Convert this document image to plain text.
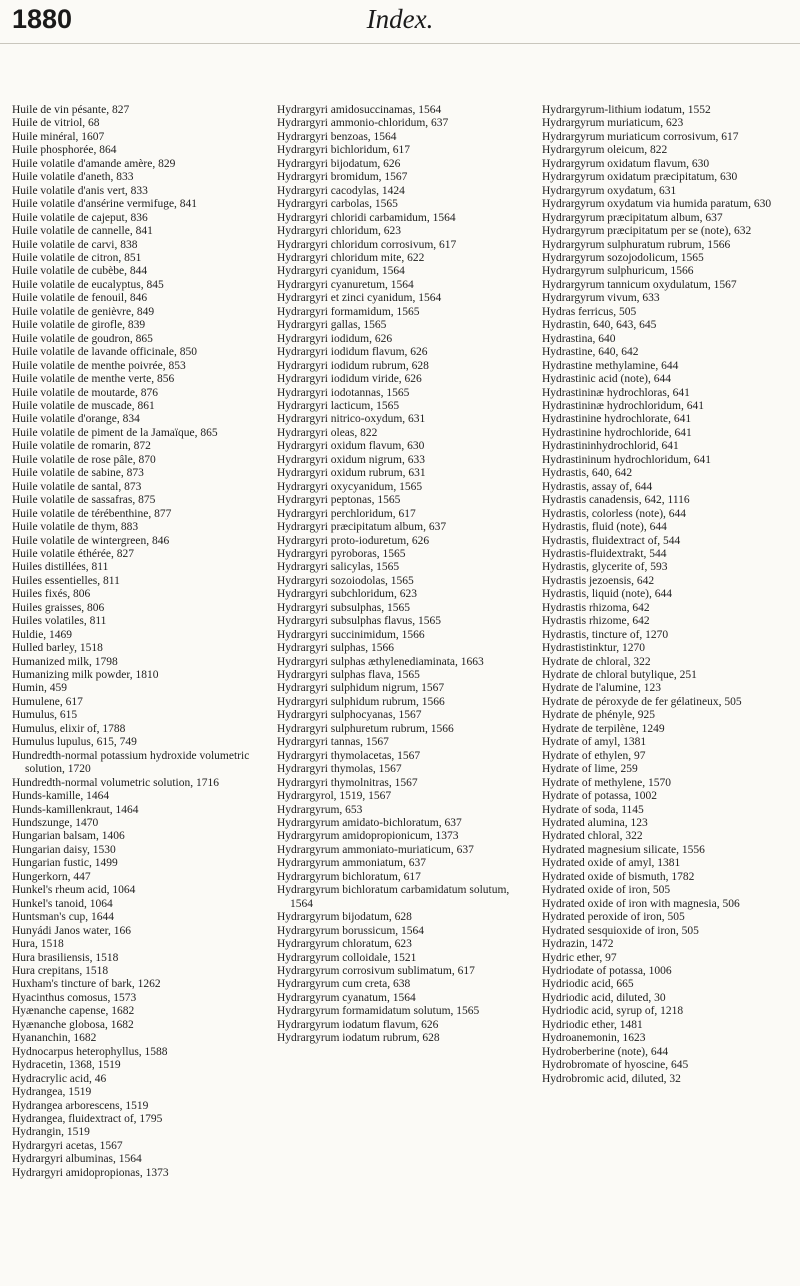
1880	Index.

Huile de vin pésante, 827

Huile de vitriol, 68

Huile minéral, 1607

Huile phosphorée, 864

Huile volatile d'amande amère, 829

Huile volatile d'aneth, 833

Huile volatile d'anis vert, 833

Huile volatile d'ansérine vermifuge, 841

Huile volatile de cajeput, 836

Huile volatile de cannelle, 841

Huile volatile de carvi, 838

Huile volatile de citron, 851

Huile volatile de cubèbe, 844

Huile volatile de eucalyptus, 845

Huile volatile de fenouil, 846

Huile volatile de genièvre, 849

Huile volatile de girofle, 839

Huile volatile de goudron, 865

Huile volatile de lavande officinale, 850

Huile volatile de menthe poivrée, 853

Huile volatile de menthe verte, 856

Huile volatile de moutarde, 876

Huile volatile de muscade, 861

Huile volatile d'orange, 834

Huile volatile de piment de la Jamaïque, 865

Huile volatile de romarin, 872

Huile volatile de rose pâle, 870

Huile volatile de sabine, 873

Huile volatile de santal, 873

Huile volatile de sassafras, 875

Huile volatile de térébenthine, 877

Huile volatile de thym, 883

Huile volatile de wintergreen, 846

Huile volatile éthérée, 827

Huiles distillées, 811

Huiles essentielles, 811

Huiles fixés, 806

Huiles graisses, 806

Huiles volatiles, 811

Huldie, 1469

Hulled barley, 1518

Humanized milk, 1798

Humanizing milk powder, 1810

Humin, 459

Humulene, 617

Humulus, 615

Humulus, elixir of, 1788

Humulus lupulus, 615, 749

Hundredth-normal potassium hydroxide volumetric solution, 1720

Hundredth-normal volumetric solution, 1716

Hunds-kamille, 1464

Hunds-kamillenkraut, 1464

Hundszunge, 1470

Hungarian balsam, 1406

Hungarian daisy, 1530

Hungarian fustic, 1499

Hungerkorn, 447

Hunkel's rheum acid, 1064

Hunkel's tanoid, 1064

Huntsman's cup, 1644

Hunyádi Janos water, 166

Hura, 1518

Hura brasiliensis, 1518

Hura crepitans, 1518

Huxham's tincture of bark, 1262

Hyacinthus comosus, 1573

Hyænanche capense, 1682

Hyænanche globosa, 1682

Hyananchin, 1682

Hydnocarpus heterophyllus, 1588

Hydracetin, 1368, 1519

Hydracrylic acid, 46

Hydrangea, 1519

Hydrangea arborescens, 1519

Hydrangea, fluidextract of, 1795

Hydrangin, 1519

Hydrargyri acetas, 1567

Hydrargyri albuminas, 1564

Hydrargyri amidopropionas, 1373

Hydrargyri amidosuccinamas, 1564

Hydrargyri ammonio-chloridum, 637

Hydrargyri benzoas, 1564

Hydrargyri bichloridum, 617

Hydrargyri bijodatum, 626

Hydrargyri bromidum, 1567

Hydrargyri cacodylas, 1424

Hydrargyri carbolas, 1565

Hydrargyri chloridi carbamidum, 1564

Hydrargyri chloridum, 623

Hydrargyri chloridum corrosivum, 617

Hydrargyri chloridum mite, 622

Hydrargyri cyanidum, 1564

Hydrargyri cyanuretum, 1564

Hydrargyri et zinci cyanidum, 1564

Hydrargyri formamidum, 1565

Hydrargyri gallas, 1565

Hydrargyri iodidum, 626

Hydrargyri iodidum flavum, 626

Hydrargyri iodidum rubrum, 628

Hydrargyri iodidum viride, 626

Hydrargyri iodotannas, 1565

Hydrargyri lacticum, 1565

Hydrargyri nitrico-oxydum, 631

Hydrargyri oleas, 822

Hydrargyri oxidum flavum, 630

Hydrargyri oxidum nigrum, 633

Hydrargyri oxidum rubrum, 631

Hydrargyri oxycyanidum, 1565

Hydrargyri peptonas, 1565

Hydrargyri perchloridum, 617

Hydrargyri præcipitatum album, 637

Hydrargyri proto-ioduretum, 626

Hydrargyri pyroboras, 1565

Hydrargyri salicylas, 1565

Hydrargyri sozoiodolas, 1565

Hydrargyri subchloridum, 623

Hydrargyri subsulphas, 1565

Hydrargyri subsulphas flavus, 1565

Hydrargyri succinimidum, 1566

Hydrargyri sulphas, 1566

Hydrargyri sulphas æthylenediaminata, 1663

Hydrargyri sulphas flava, 1565

Hydrargyri sulphidum nigrum, 1567

Hydrargyri sulphidum rubrum, 1566

Hydrargyri sulphocyanas, 1567

Hydrargyri sulphuretum rubrum, 1566

Hydrargyri tannas, 1567

Hydrargyri thymolacetas, 1567

Hydrargyri thymolas, 1567

Hydrargyri thymolnitras, 1567

Hydrargyrol, 1519, 1567

Hydrargyrum, 653

Hydrargyrum amidato-bichloratum, 637

Hydrargyrum amidopropionicum, 1373

Hydrargyrum ammoniato-muriaticum, 637

Hydrargyrum ammoniatum, 637

Hydrargyrum bichloratum, 617

Hydrargyrum bichloratum carbamidatum solutum, 1564

Hydrargyrum bijodatum, 628

Hydrargyrum borussicum, 1564

Hydrargyrum chloratum, 623

Hydrargyrum colloidale, 1521

Hydrargyrum corrosivum sublimatum, 617

Hydrargyrum cum creta, 638

Hydrargyrum cyanatum, 1564

Hydrargyrum formamidatum solutum, 1565

Hydrargyrum iodatum flavum, 626

Hydrargyrum iodatum rubrum, 628

Hydrargyrum-lithium iodatum, 1552

Hydrargyrum muriaticum, 623

Hydrargyrum muriaticum corrosivum, 617

Hydrargyrum oleicum, 822

Hydrargyrum oxidatum flavum, 630

Hydrargyrum oxidatum præcipitatum, 630

Hydrargyrum oxydatum, 631

Hydrargyrum oxydatum via humida paratum, 630

Hydrargyrum præcipitatum album, 637

Hydrargyrum præcipitatum per se (note), 632

Hydrargyrum sulphuratum rubrum, 1566

Hydrargyrum sozojodolicum, 1565

Hydrargyrum sulphuricum, 1566

Hydrargyrum tannicum oxydulatum, 1567

Hydrargyrum vivum, 633

Hydras ferricus, 505

Hydrastin, 640, 643, 645

Hydrastina, 640

Hydrastine, 640, 642

Hydrastine methylamine, 644

Hydrastinic acid (note), 644

Hydrastininæ hydrochloras, 641

Hydrastininæ hydrochloridum, 641

Hydrastinine hydrochlorate, 641

Hydrastinine hydrochloride, 641

Hydrastininhydrochlorid, 641

Hydrastininum hydrochloridum, 641

Hydrastis, 640, 642

Hydrastis, assay of, 644

Hydrastis canadensis, 642, 1116

Hydrastis, colorless (note), 644

Hydrastis, fluid (note), 644

Hydrastis, fluidextract of, 544

Hydrastis-fluidextrakt, 544

Hydrastis, glycerite of, 593

Hydrastis jezoensis, 642

Hydrastis, liquid (note), 644

Hydrastis rhizoma, 642

Hydrastis rhizome, 642

Hydrastis, tincture of, 1270

Hydrastistinktur, 1270

Hydrate de chloral, 322

Hydrate de chloral butylique, 251

Hydrate de l'alumine, 123

Hydrate de péroxyde de fer gélatineux, 505

Hydrate de phényle, 925

Hydrate de terpilène, 1249

Hydrate of amyl, 1381

Hydrate of ethylen, 97

Hydrate of lime, 259

Hydrate of methylene, 1570

Hydrate of potassa, 1002

Hydrate of soda, 1145

Hydrated alumina, 123

Hydrated chloral, 322

Hydrated magnesium silicate, 1556

Hydrated oxide of amyl, 1381

Hydrated oxide of bismuth, 1782

Hydrated oxide of iron, 505

Hydrated oxide of iron with magnesia, 506

Hydrated peroxide of iron, 505

Hydrated sesquioxide of iron, 505

Hydrazin, 1472

Hydric ether, 97

Hydriodate of potassa, 1006

Hydriodic acid, 665

Hydriodic acid, diluted, 30

Hydriodic acid, syrup of, 1218

Hydriodic ether, 1481

Hydroanemonin, 1623

Hydroberberine (note), 644

Hydrobromate of hyoscine, 645

Hydrobromic acid, diluted, 32
